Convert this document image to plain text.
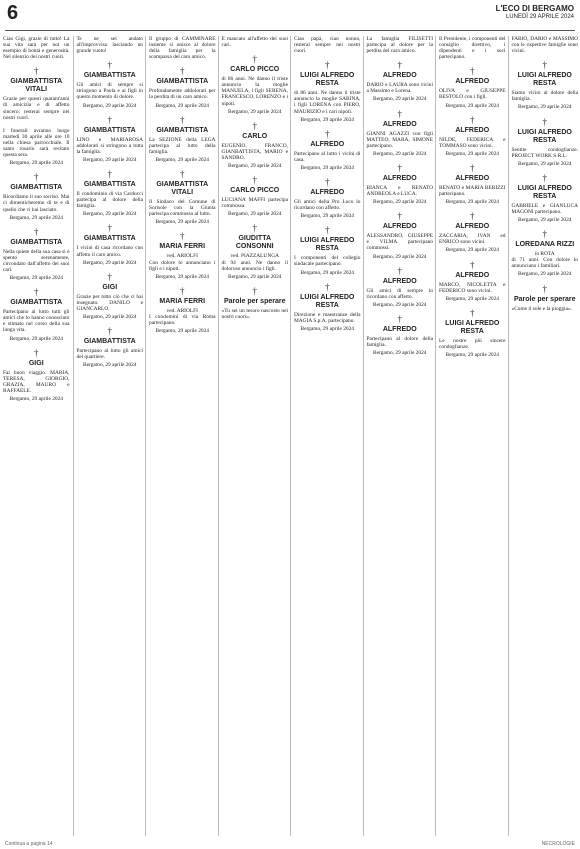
6	L'ECO DI BERGAMO
LUNEDÌ 29 APRILE 2024

Ciao Gigi, grazie di tutto! La sua vita sarà per noi un esempio di bontà e generosità. Nel silenzio dei nostri cuori.

†
GIAMBATTISTA VITALI

Grazie per questi quarant'anni di amicizia e di affetto sincero; resterai sempre nei nostri cuori.

I funerali avranno luogo martedì 30 aprile alle ore 10 nella chiesa parrocchiale. Il santo rosario sarà recitato questa sera.

Bergamo, 29 aprile 2024
†
GIAMBATTISTA

Ricordiamo il suo sorriso. Mai ci dimenticheremo di te e di quello che ci hai lasciato.

Bergamo, 29 aprile 2024
†
GIAMBATTISTA

Nella quiete della sua casa si è spento serenamente, circondato dall'affetto dei suoi cari.

Bergamo, 29 aprile 2024
†
GIAMBATTISTA

Partecipano al lutto tutti gli amici che lo hanno conosciuto e stimato nel corso della sua lunga vita.

Bergamo, 29 aprile 2024
†
GIGI

Fai buon viaggio. MARIA, TERESA, GIORGIO, GRAZIA, MAURO e RAFFAELE.

Bergamo, 29 aprile 2024

Te ne sei andato all'improvviso lasciando un grande vuoto!

†
GIAMBATTISTA

Gli amici di sempre si stringono a Paola e ai figli in questo momento di dolore.

Bergamo, 29 aprile 2024
†
GIAMBATTISTA

LINO e MARIAROSA addolorati si stringono a tutta la famiglia.

Bergamo, 29 aprile 2024
†
GIAMBATTISTA

Il condominio di via Carducci partecipa al dolore della famiglia.

Bergamo, 29 aprile 2024
†
GIAMBATTISTA

I vicini di casa ricordano con affetto il caro amico.

Bergamo, 29 aprile 2024
†
GIGI

Grazie per tutto ciò che ci hai insegnato. DANILO e GIANCARLO.

Bergamo, 29 aprile 2024
†
GIAMBATTISTA

Partecipano al lutto gli amici del quartiere.

Bergamo, 29 aprile 2024

Il gruppo di CAMMINARE insieme si unisce al dolore della famiglia per la scomparsa del caro amico.

†
GIAMBATTISTA

Profondamente addolorati per la perdita di un caro amico.

Bergamo, 29 aprile 2024
†
GIAMBATTISTA

La SEZIONE della LEGA partecipa al lutto della famiglia.

Bergamo, 29 aprile 2024
†
GIAMBATTISTA VITALI

Il Sindaco del Comune di Sorisole con la Giunta partecipa commosso al lutto.

Bergamo, 29 aprile 2024
†
MARIA FERRI
ved. ARIOLFI

Con dolore lo annunciano i figli e i nipoti.

Bergamo, 29 aprile 2024
†
MARIA FERRI
ved. ARIOLFI

I condomini di via Roma partecipano.

Bergamo, 29 aprile 2024

È mancato all'affetto dei suoi cari.

†
CARLO PICCO

di 86 anni. Ne danno il triste annuncio la moglie MANUELA, i figli SERENA, FRANCESCO, LORENZO e i nipoti.

Bergamo, 29 aprile 2024
†
CARLO

EUGENIO, FRANCO, GIANBATTISTA, MARIO e SANDRO.

Bergamo, 29 aprile 2024
†
CARLO PICCO

LUCIANA MAFFI partecipa commossa.

Bergamo, 29 aprile 2024
†
GIUDITTA CONSONNI
ved. PIAZZALUNGA

di 94 anni. Ne danno il doloroso annuncio i figli.

Bergamo, 29 aprile 2024
†
Parole per sperare

«Tu sei un tesoro nascosto nei nostri cuori».

Ciao papà, ciao nonno, resterai sempre nei nostri cuori.

†
LUIGI ALFREDO RESTA

di 86 anni. Ne danno il triste annuncio la moglie SABINA, i figli LORENA con PIERO, MAURIZIO e i cari nipoti.

Bergamo, 29 aprile 2024
†
ALFREDO

Partecipano al lutto i vicini di casa.

Bergamo, 29 aprile 2024
†
ALFREDO

Gli amici della Pro Loco lo ricordano con affetto.

Bergamo, 29 aprile 2024
†
LUIGI ALFREDO RESTA

I componenti del collegio sindacale partecipano.

Bergamo, 29 aprile 2024
†
LUIGI ALFREDO RESTA

Direzione e maestranze della MAGIA S.p.A. partecipano.

Bergamo, 29 aprile 2024

La famiglia FILISETTI partecipa al dolore per la perdita del caro amico.

†
ALFREDO

DARIO e LAURA sono vicini a Massimo e Lorena.

Bergamo, 29 aprile 2024
†
ALFREDO

GIANNI AGAZZI con figli MATTEO, MARA, SIMONE partecipano.

Bergamo, 29 aprile 2024
†
ALFREDO

BIANCA e RENATO ANDREOLA e LUCA.

Bergamo, 29 aprile 2024
†
ALFREDO

ALESSANDRO, GIUSEPPE e VILMA partecipano commossi.

Bergamo, 29 aprile 2024
†
ALFREDO

Gli amici di sempre lo ricordano con affetto.

Bergamo, 29 aprile 2024
†
ALFREDO

Partecipano al dolore della famiglia.

Bergamo, 29 aprile 2024

Il Presidente, i componenti del consiglio direttivo, i dipendenti e i soci partecipano.

†
ALFREDO

OLIVA e GIUSEPPE BESTOLO con i figli.

Bergamo, 29 aprile 2024
†
ALFREDO

NILDE, FEDERICA e TOMMASO sono vicini.

Bergamo, 29 aprile 2024
†
ALFREDO

RENATO e MARIA BERIZZI partecipano.

Bergamo, 29 aprile 2024
†
ALFREDO

ZACCARIA, IVAN ed ENRICO sono vicini.

Bergamo, 29 aprile 2024
†
ALFREDO

MARCO, NICOLETTA e FEDERICO sono vicini.

Bergamo, 29 aprile 2024
†
LUIGI ALFREDO RESTA

Le nostre più sincere condoglianze.

Bergamo, 29 aprile 2024

FABIO, DARIO e MASSIMO con le rispettive famiglie sono vicini.

†
LUIGI ALFREDO RESTA

Siamo vicini al dolore della famiglia.

Bergamo, 29 aprile 2024
†
LUIGI ALFREDO RESTA

Sentite condoglianze. PROJECT WORK S.R.L.

Bergamo, 29 aprile 2024
†
LUIGI ALFREDO RESTA

GABRIELE e GIANLUCA MAGONI partecipano.

Bergamo, 29 aprile 2024
†
LOREDANA RIZZI
in ROTA

di 71 anni. Con dolore lo annunciano i familiari.

Bergamo, 29 aprile 2024
†
Parole per sperare

«Come il sole e la pioggia».

Continua a pagina 14	NECROLOGIE
